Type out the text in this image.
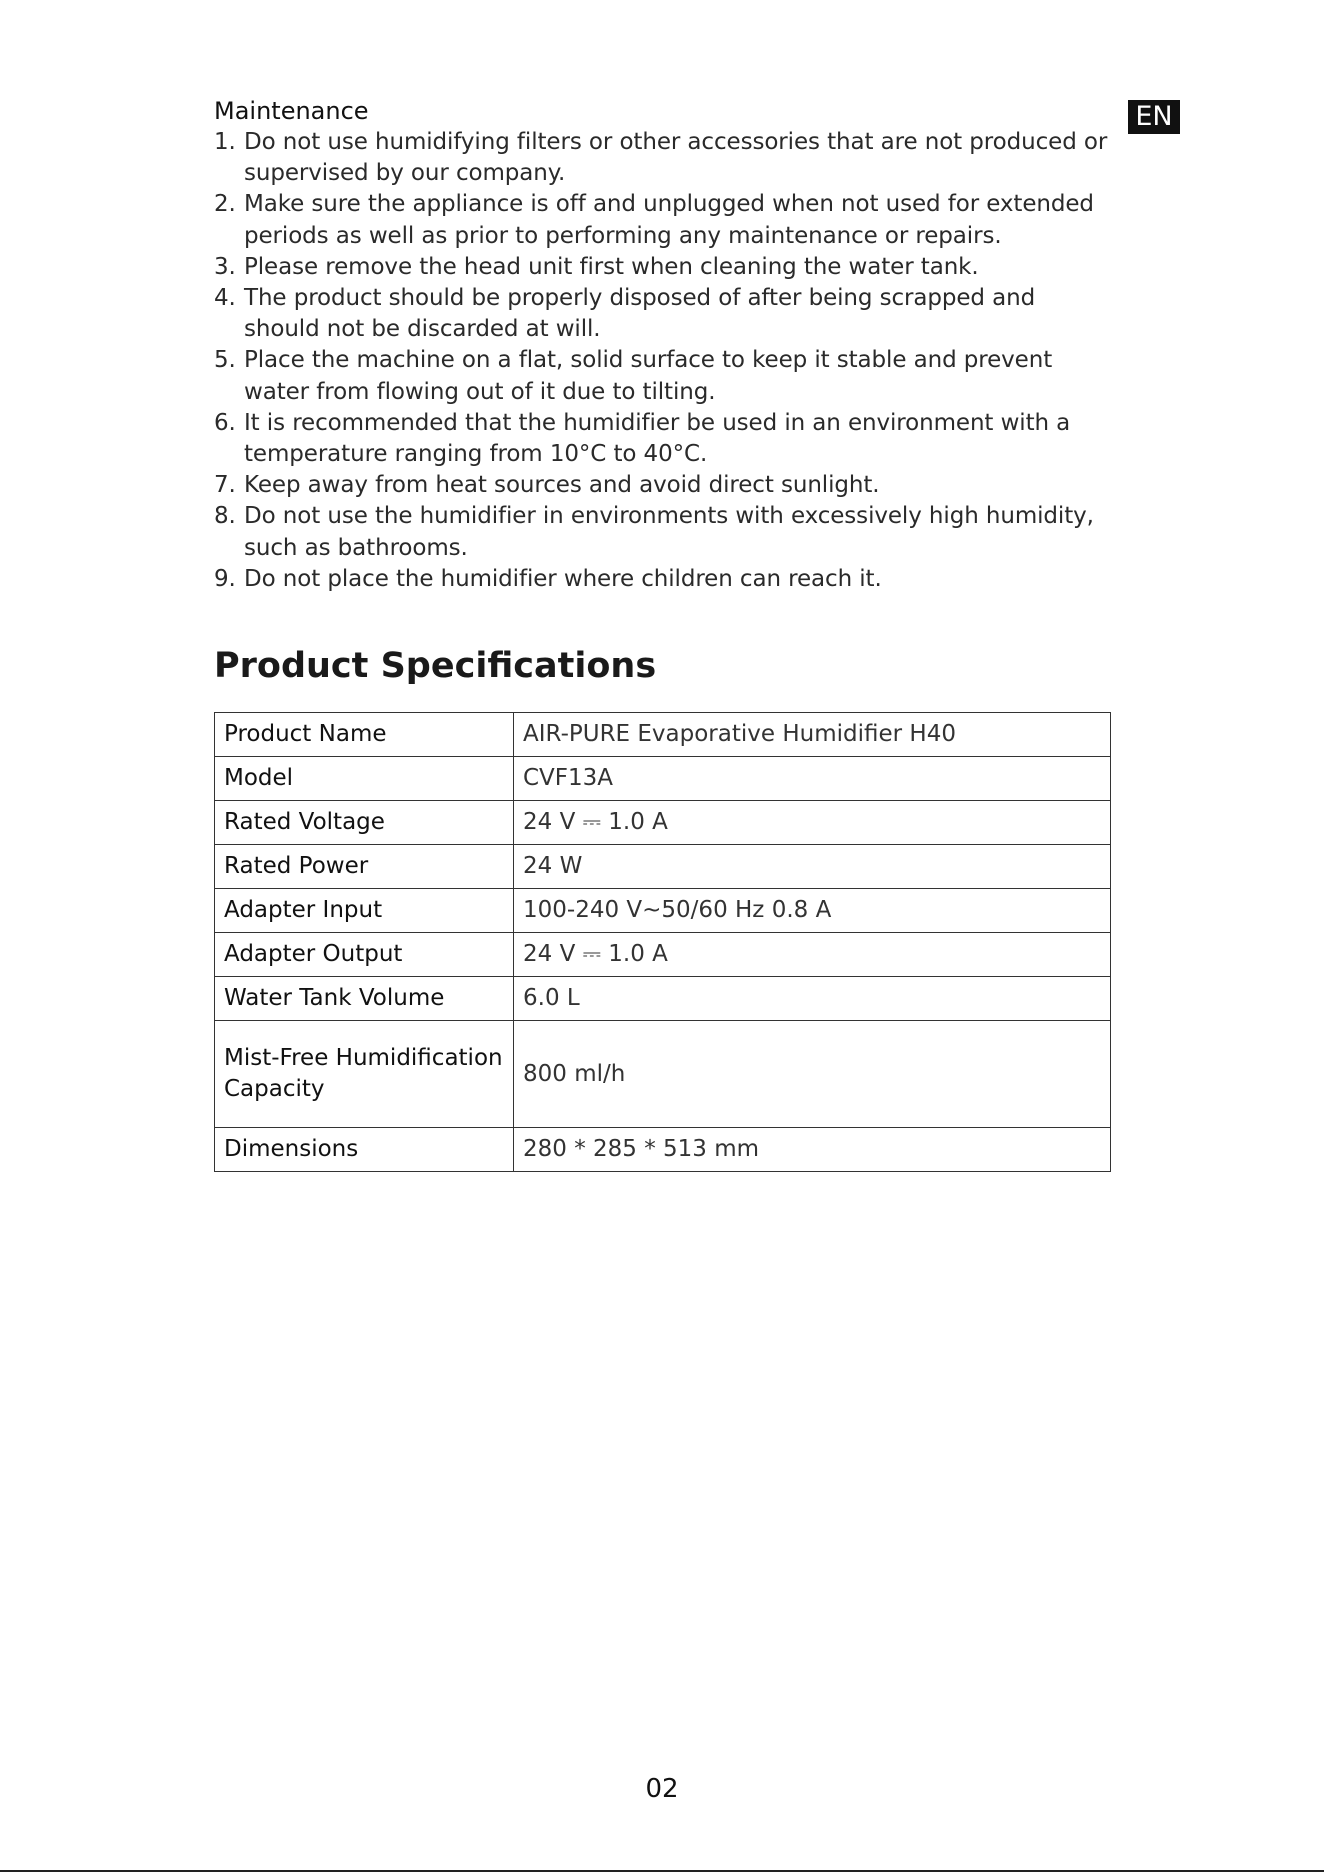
EN
Maintenance
1. Do not use humidifying filters or other accessories that are not produced or supervised by our company.
2. Make sure the appliance is off and unplugged when not used for extended periods as well as prior to performing any maintenance or repairs.
3. Please remove the head unit first when cleaning the water tank.
4. The product should be properly disposed of after being scrapped and should not be discarded at will.
5. Place the machine on a flat, solid surface to keep it stable and prevent water from flowing out of it due to tilting.
6. It is recommended that the humidifier be used in an environment with a temperature ranging from 10°C to 40°C.
7. Keep away from heat sources and avoid direct sunlight.
8. Do not use the humidifier in environments with excessively high humidity, such as bathrooms.
9. Do not place the humidifier where children can reach it.
Product Specifications
Product Name	AIR-PURE Evaporative Humidifier H40
Model	CVF13A
Rated Voltage	24 V ⎓ 1.0 A
Rated Power	24 W
Adapter Input	100-240 V~50/60 Hz 0.8 A
Adapter Output	24 V ⎓ 1.0 A
Water Tank Volume	6.0 L
Mist-Free Humidification Capacity	800 ml/h
Dimensions	280 * 285 * 513 mm
02
